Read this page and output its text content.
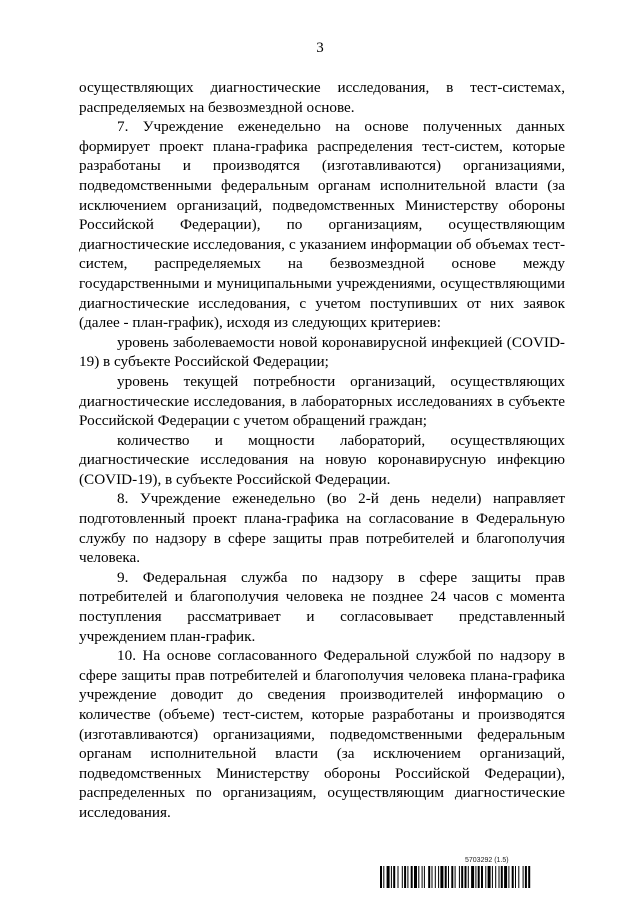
3

осуществляющих диагностические исследования, в тест-системах, распределяемых на безвозмездной основе.

7. Учреждение еженедельно на основе полученных данных формирует проект плана-графика распределения тест-систем, которые разработаны и производятся (изготавливаются) организациями, подведомственными федеральным органам исполнительной власти (за исключением организаций, подведомственных Министерству обороны Российской Федерации), по организациям, осуществляющим диагностические исследования, с указанием информации об объемах тест-систем, распределяемых на безвозмездной основе между государственными и муниципальными учреждениями, осуществляющими диагностические исследования, с учетом поступивших от них заявок (далее - план-график), исходя из следующих критериев:

уровень заболеваемости новой коронавирусной инфекцией (COVID-19) в субъекте Российской Федерации;

уровень текущей потребности организаций, осуществляющих диагностические исследования, в лабораторных исследованиях в субъекте Российской Федерации с учетом обращений граждан;

количество и мощности лабораторий, осуществляющих диагностические исследования на новую коронавирусную инфекцию (COVID-19), в субъекте Российской Федерации.

8. Учреждение еженедельно (во 2-й день недели) направляет подготовленный проект плана-графика на согласование в Федеральную службу по надзору в сфере защиты прав потребителей и благополучия человека.

9. Федеральная служба по надзору в сфере защиты прав потребителей и благополучия человека не позднее 24 часов с момента поступления рассматривает и согласовывает представленный учреждением план-график.

10. На основе согласованного Федеральной службой по надзору в сфере защиты прав потребителей и благополучия человека плана-графика учреждение доводит до сведения производителей информацию о количестве (объеме) тест-систем, которые разработаны и производятся (изготавливаются) организациями, подведомственными федеральным органам исполнительной власти (за исключением организаций, подведомственных Министерству обороны Российской Федерации), распределенных по организациям, осуществляющим диагностические исследования.

5703292 (1.5)
